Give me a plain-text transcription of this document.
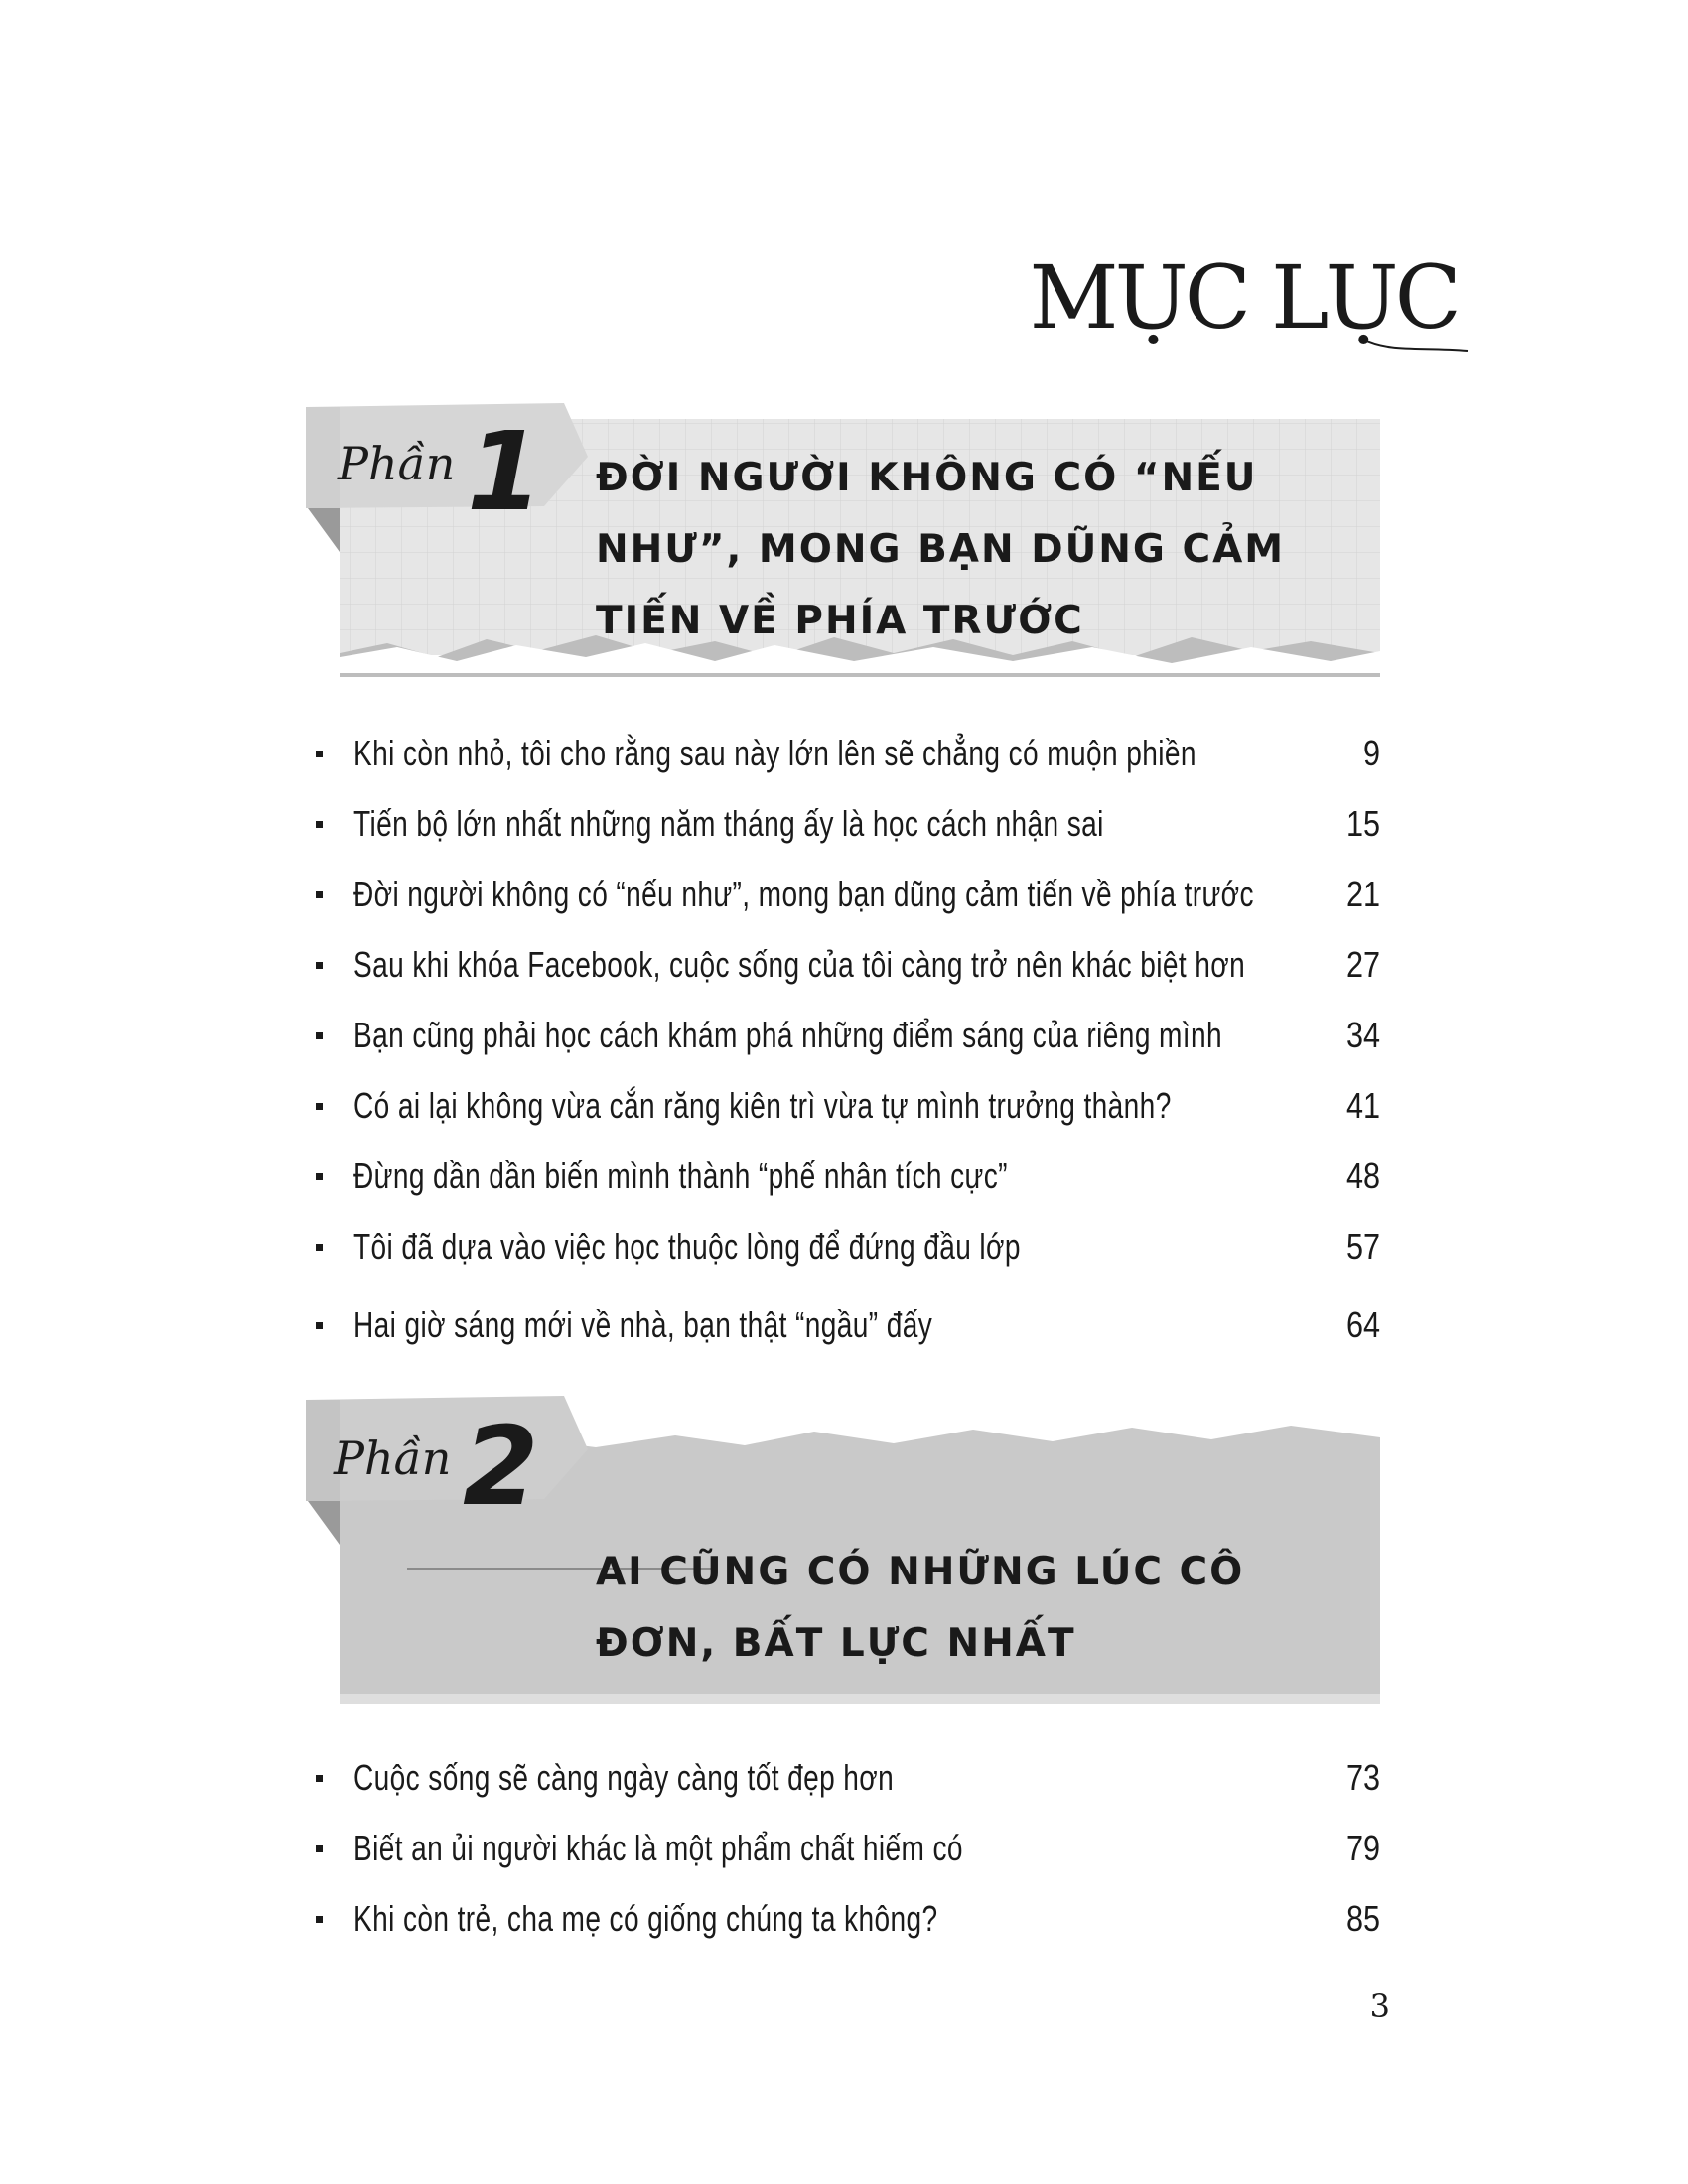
MỤC LỤC
Phần 1 ĐỜI NGƯỜI KHÔNG CÓ “NẾU NHƯ”, MONG BẠN DŨNG CẢM TIẾN VỀ PHÍA TRƯỚC
Khi còn nhỏ, tôi cho rằng sau này lớn lên sẽ chẳng có muộn phiền	9
Tiến bộ lớn nhất những năm tháng ấy là học cách nhận sai	15
Đời người không có “nếu như”, mong bạn dũng cảm tiến về phía trước	21
Sau khi khóa Facebook, cuộc sống của tôi càng trở nên khác biệt hơn	27
Bạn cũng phải học cách khám phá những điểm sáng của riêng mình	34
Có ai lại không vừa cắn răng kiên trì vừa tự mình trưởng thành?	41
Đừng dần dần biến mình thành “phế nhân tích cực”	48
Tôi đã dựa vào việc học thuộc lòng để đứng đầu lớp	57
Hai giờ sáng mới về nhà, bạn thật “ngầu” đấy	64
Phần 2
AI CŨNG CÓ NHỮNG LÚC CÔ ĐƠN, BẤT LỰC NHẤT
Cuộc sống sẽ càng ngày càng tốt đẹp hơn	73
Biết an ủi người khác là một phẩm chất hiếm có	79
Khi còn trẻ, cha mẹ có giống chúng ta không?	85

3
